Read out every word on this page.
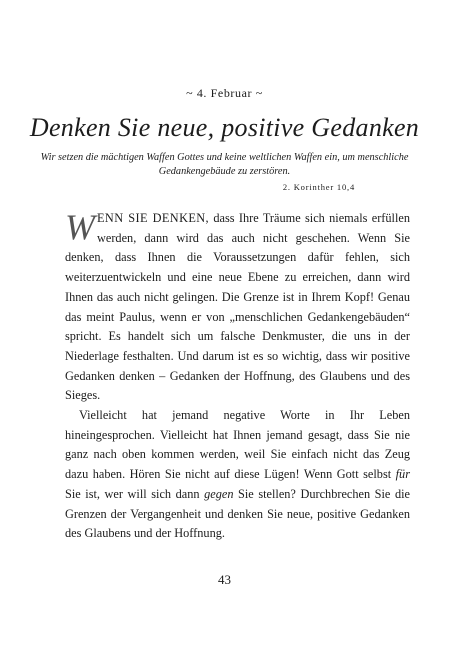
~ 4. Februar ~
Denken Sie neue, positive Gedanken
Wir setzen die mächtigen Waffen Gottes und keine weltlichen Waffen ein, um menschliche Gedankengebäude zu zerstören.
2. Korinther 10,4

WENN SIE DENKEN, dass Ihre Träume sich niemals erfüllen werden, dann wird das auch nicht geschehen. Wenn Sie denken, dass Ihnen die Voraussetzungen dafür fehlen, sich weiterzuentwickeln und eine neue Ebene zu erreichen, dann wird Ihnen das auch nicht gelingen. Die Grenze ist in Ihrem Kopf! Genau das meint Paulus, wenn er von „menschlichen Gedankengebäuden“ spricht. Es handelt sich um falsche Denkmuster, die uns in der Niederlage festhalten. Und darum ist es so wichtig, dass wir positive Gedanken denken – Gedanken der Hoffnung, des Glaubens und des Sieges.

Vielleicht hat jemand negative Worte in Ihr Leben hineingesprochen. Vielleicht hat Ihnen jemand gesagt, dass Sie nie ganz nach oben kommen werden, weil Sie einfach nicht das Zeug dazu haben. Hören Sie nicht auf diese Lügen! Wenn Gott selbst für Sie ist, wer will sich dann gegen Sie stellen? Durchbrechen Sie die Grenzen der Vergangenheit und denken Sie neue, positive Gedanken des Glaubens und der Hoffnung.

43
